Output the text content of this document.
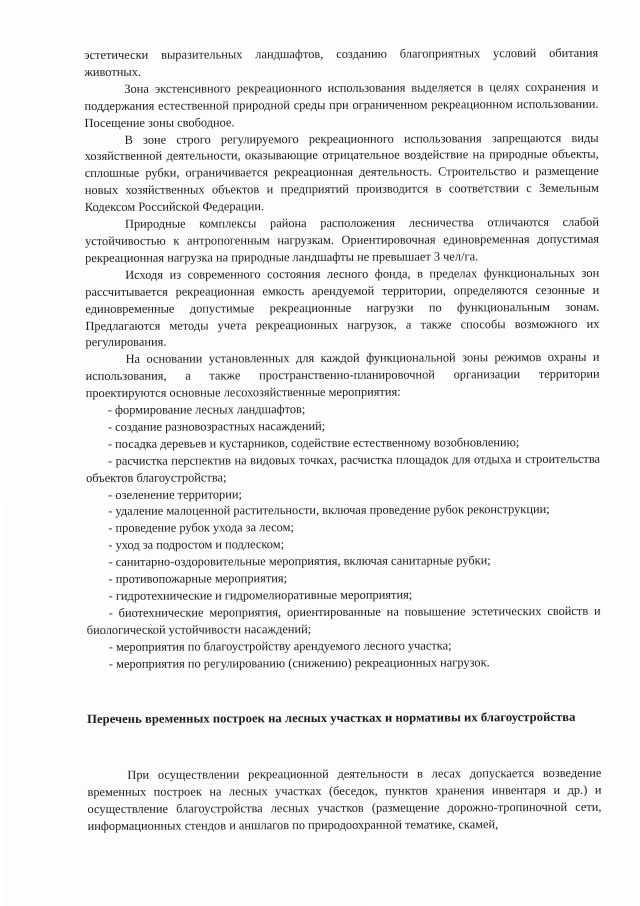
эстетически выразительных ландшафтов, созданию благоприятных условий обитания животных.

Зона экстенсивного рекреационного использования выделяется в целях сохранения и поддержания естественной природной среды при ограниченном рекреационном использовании. Посещение зоны свободное.

В зоне строго регулируемого рекреационного использования запрещаются виды хозяйственной деятельности, оказывающие отрицательное воздействие на природные объекты, сплошные рубки, ограничивается рекреационная деятельность. Строительство и размещение новых хозяйственных объектов и предприятий производится в соответствии с Земельным Кодексом Российской Федерации.

Природные комплексы района расположения лесничества отличаются слабой устойчивостью к антропогенным нагрузкам. Ориентировочная единовременная допустимая рекреационная нагрузка на природные ландшафты не превышает 3 чел/га.

Исходя из современного состояния лесного фонда, в пределах функциональных зон рассчитывается рекреационная емкость арендуемой территории, определяются сезонные и единовременные допустимые рекреационные нагрузки по функциональным зонам. Предлагаются методы учета рекреационных нагрузок, а также способы возможного их регулирования.

На основании установленных для каждой функциональной зоны режимов охраны и использования, а также пространственно-планировочной организации территории проектируются основные лесохозяйственные мероприятия:

- формирование лесных ландшафтов;
- создание разновозрастных насаждений;
- посадка деревьев и кустарников, содействие естественному возобновлению;
- расчистка перспектив на видовых точках, расчистка площадок для отдыха и строительства объектов благоустройства;
- озеленение территории;
- удаление малоценной растительности, включая проведение рубок реконструкции;
- проведение рубок ухода за лесом;
- уход за подростом и подлеском;
- санитарно-оздоровительные мероприятия, включая санитарные рубки;
- противопожарные мероприятия;
- гидротехнические и гидромелиоративные мероприятия;
- биотехнические мероприятия, ориентированные на повышение эстетических свойств и биологической устойчивости насаждений;
- мероприятия по благоустройству арендуемого лесного участка;
- мероприятия по регулированию (снижению) рекреационных нагрузок.
Перечень временных построек на лесных участках и нормативы их благоустройства

При осуществлении рекреационной деятельности в лесах допускается возведение временных построек на лесных участках (беседок, пунктов хранения инвентаря и др.) и осуществление благоустройства лесных участков (размещение дорожно-тропиночной сети, информационных стендов и аншлагов по природоохранной тематике, скамей,
